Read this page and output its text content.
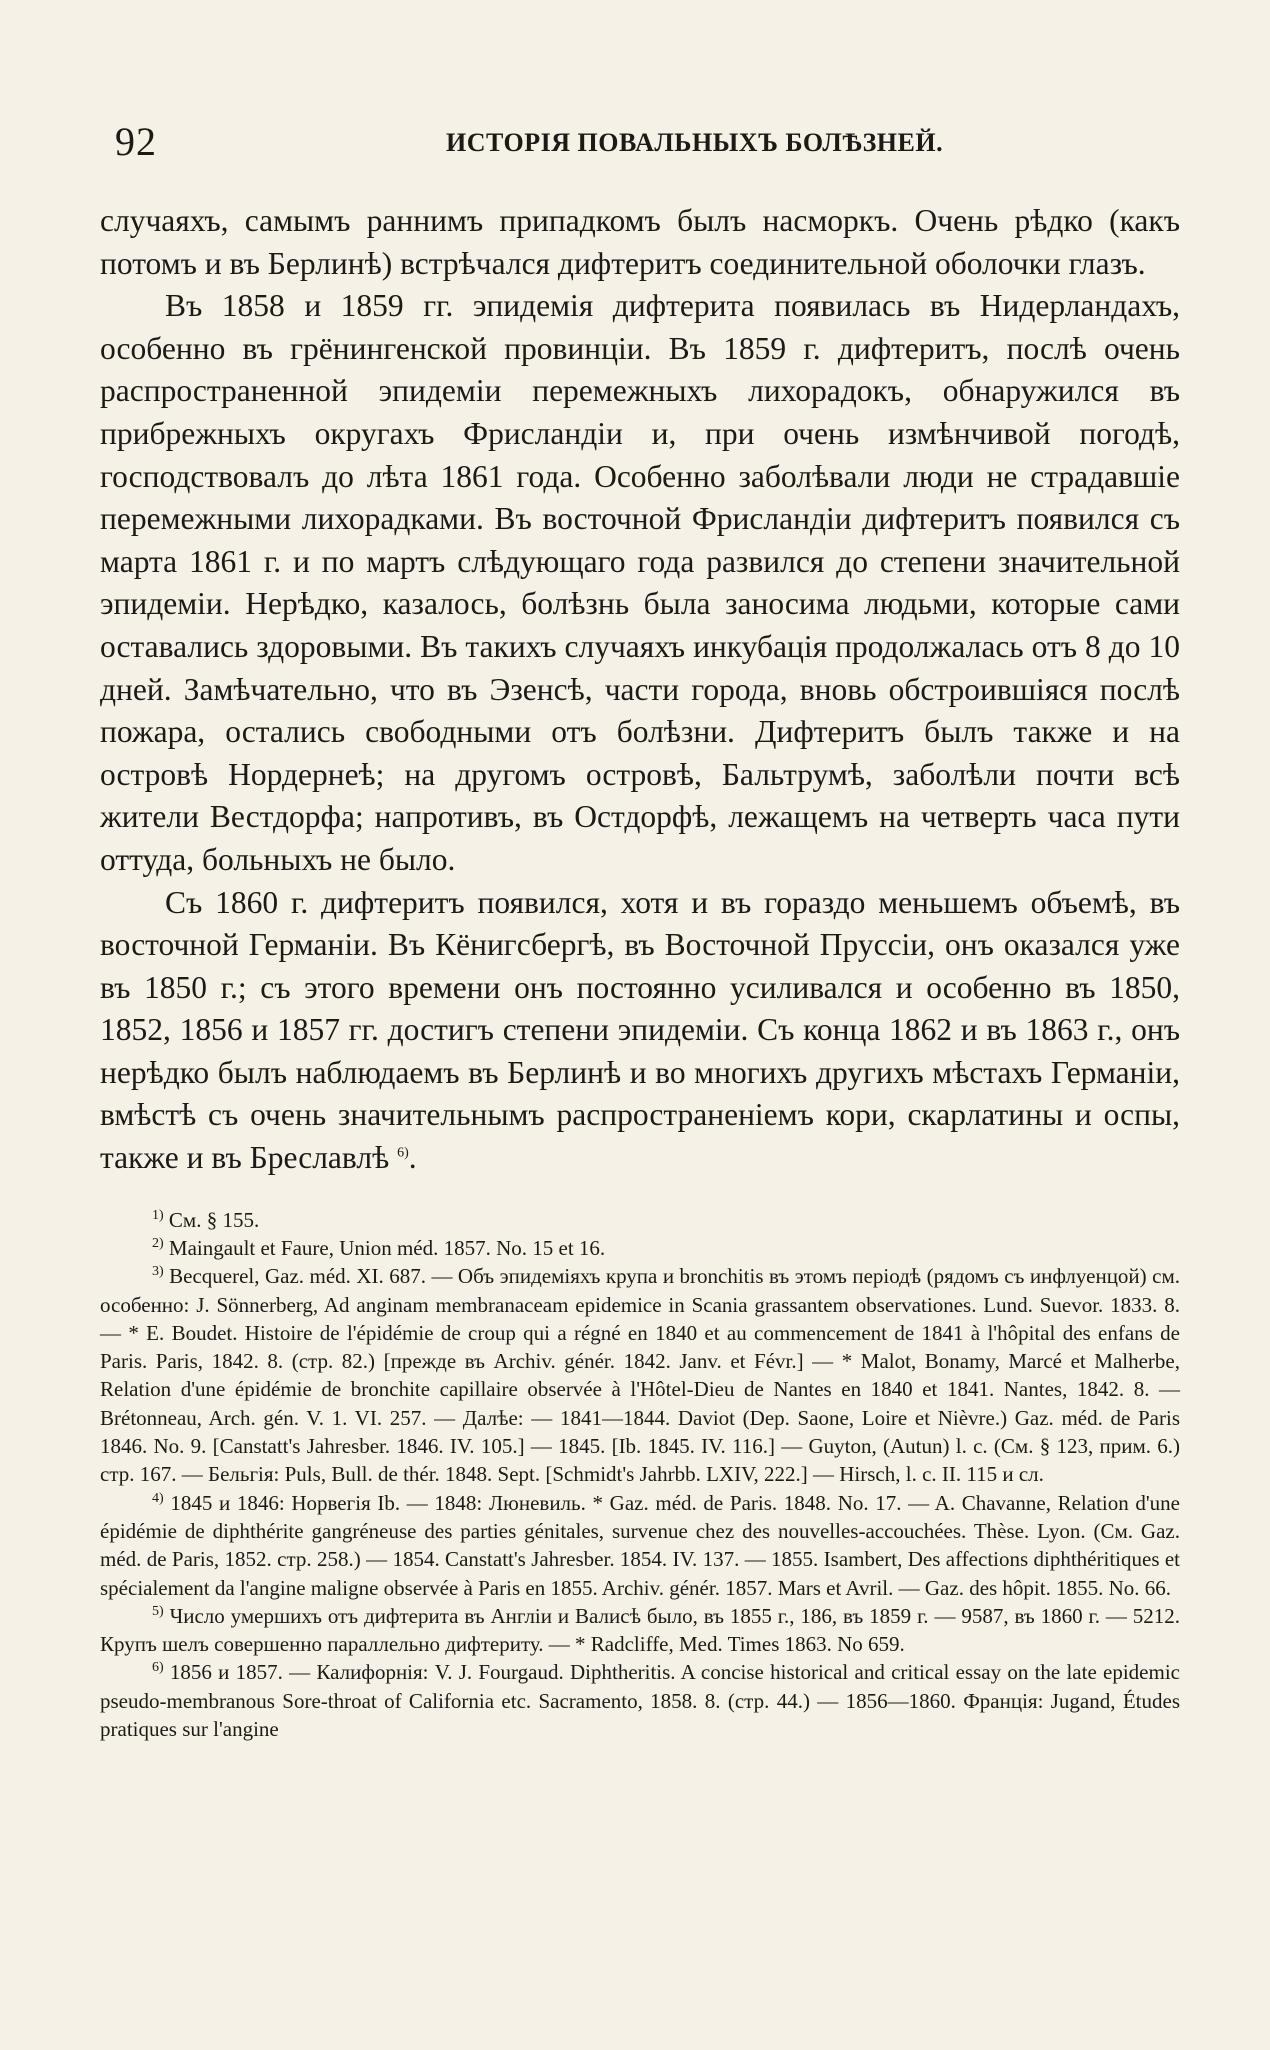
92	ИСТОРІЯ ПОВАЛЬНЫХЪ БОЛѢЗНЕЙ.

случаяхъ, самымъ раннимъ припадкомъ былъ насморкъ. Очень рѣдко (какъ потомъ и въ Берлинѣ) встрѣчался дифтеритъ соединительной оболочки глазъ.

Въ 1858 и 1859 гг. эпидемія дифтерита появилась въ Нидерландахъ, особенно въ грёнингенской провинціи. Въ 1859 г. дифтеритъ, послѣ очень распространенной эпидеміи перемежныхъ лихорадокъ, обнаружился въ прибрежныхъ округахъ Фрисландіи и, при очень измѣнчивой погодѣ, господствовалъ до лѣта 1861 года. Особенно заболѣвали люди не страдавшіе перемежными лихорадками. Въ восточной Фрисландіи дифтеритъ появился съ марта 1861 г. и по мартъ слѣдующаго года развился до степени значительной эпидеміи. Нерѣдко, казалось, болѣзнь была заносима людьми, которые сами оставались здоровыми. Въ такихъ случаяхъ инкубація продолжалась отъ 8 до 10 дней. Замѣчательно, что въ Эзенсѣ, части города, вновь обстроившіяся послѣ пожара, остались свободными отъ болѣзни. Дифтеритъ былъ также и на островѣ Нордернеѣ; на другомъ островѣ, Бальтрумѣ, заболѣли почти всѣ жители Вестдорфа; напротивъ, въ Остдорфѣ, лежащемъ на четверть часа пути оттуда, больныхъ не было.

Съ 1860 г. дифтеритъ появился, хотя и въ гораздо меньшемъ объемѣ, въ восточной Германіи. Въ Кёнигсбергѣ, въ Восточной Пруссіи, онъ оказался уже въ 1850 г.; съ этого времени онъ постоянно усиливался и особенно въ 1850, 1852, 1856 и 1857 гг. достигъ степени эпидеміи. Съ конца 1862 и въ 1863 г., онъ нерѣдко былъ наблюдаемъ въ Берлинѣ и во многихъ другихъ мѣстахъ Германіи, вмѣстѣ съ очень значительнымъ распространеніемъ кори, скарлатины и оспы, также и въ Бреславлѣ $^{6)}$.

$^{1)}$ См. § 155.

$^{2)}$ Maingault et Faure, Union méd. 1857. No. 15 et 16.

$^{3)}$ Becquerel, Gaz. méd. XI. 687. — Объ эпидеміяхъ крупа и bronchitis въ этомъ періодѣ (рядомъ съ инфлуенцой) см. особенно: J. Sönnerberg, Ad anginam membranaceam epidemice in Scania grassantem observationes. Lund. Suevor. 1833. 8. — * E. Boudet. Histoire de l'épidémie de croup qui a régné en 1840 et au commencement de 1841 à l'hôpital des enfans de Paris. Paris, 1842. 8. (стр. 82.) [прежде въ Archiv. génér. 1842. Janv. et Févr.] — * Malot, Bonamy, Marcé et Malherbe, Relation d'une épidémie de bronchite capillaire observée à l'Hôtel-Dieu de Nantes en 1840 et 1841. Nantes, 1842. 8. — Brétonneau, Arch. gén. V. 1. VI. 257. — Далѣе: — 1841—1844. Daviot (Dep. Saone, Loire et Nièvre.) Gaz. méd. de Paris 1846. No. 9. [Canstatt's Jahresber. 1846. IV. 105.] — 1845. [Ib. 1845. IV. 116.] — Guyton, (Autun) l. c. (См. § 123, прим. 6.) стр. 167. — Бельгія: Puls, Bull. de thér. 1848. Sept. [Schmidt's Jahrbb. LXIV, 222.] — Hirsch, l. c. II. 115 и сл.

$^{4)}$ 1845 и 1846: Норвегія Ib. — 1848: Люневиль. * Gaz. méd. de Paris. 1848. No. 17. — A. Chavanne, Relation d'une épidémie de diphthérite gangréneuse des parties génitales, survenue chez des nouvelles-accouchées. Thèse. Lyon. (См. Gaz. méd. de Paris, 1852. стр. 258.) — 1854. Canstatt's Jahresber. 1854. IV. 137. — 1855. Isambert, Des affections diphthéritiques et spécialement da l'angine maligne observée à Paris en 1855. Archiv. génér. 1857. Mars et Avril. — Gaz. des hôpit. 1855. No. 66.

$^{5)}$ Число умершихъ отъ дифтерита въ Англіи и Валисѣ было, въ 1855 г., 186, въ 1859 г. — 9587, въ 1860 г. — 5212. Крупъ шелъ совершенно параллельно дифтериту. — * Radcliffe, Med. Times 1863. No 659.

$^{6)}$ 1856 и 1857. — Калифорнія: V. J. Fourgaud. Diphtheritis. A concise historical and critical essay on the late epidemic pseudo-membranous Sore-throat of California etc. Sacramento, 1858. 8. (стр. 44.) — 1856—1860. Франція: Jugand, Études pratiques sur l'angine
